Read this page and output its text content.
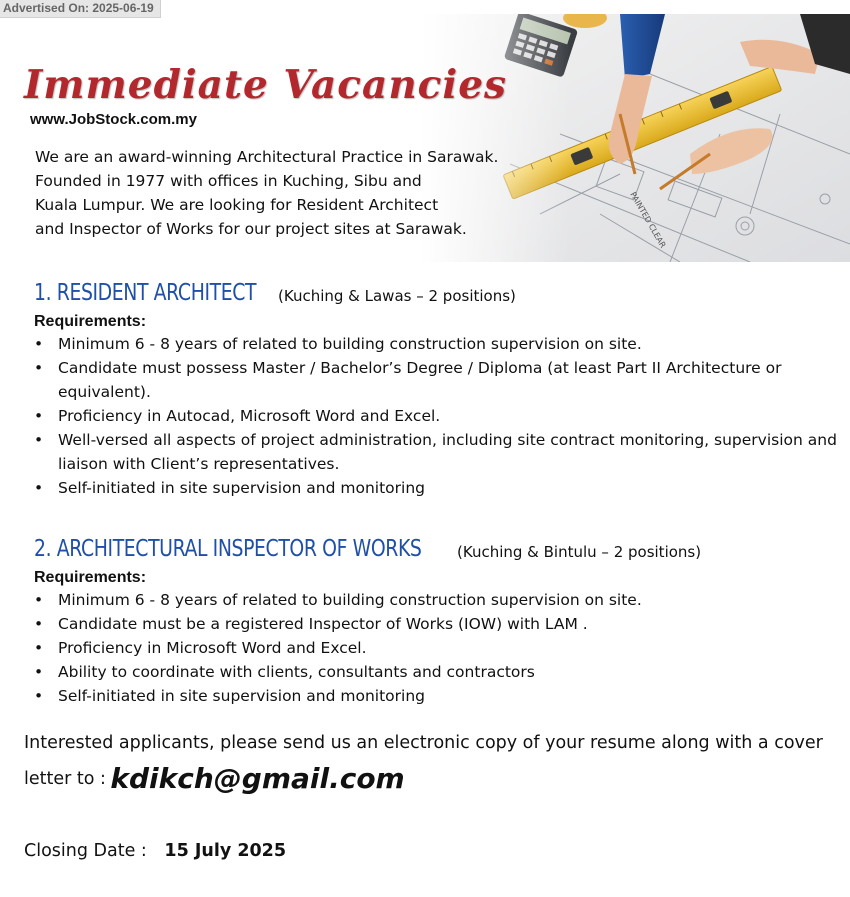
Advertised On: 2025-06-19
Immediate Vacancies
www.JobStock.com.my
We are an award-winning Architectural Practice in Sarawak.
Founded in 1977 with offices in Kuching, Sibu and
Kuala Lumpur. We are looking for Resident Architect
and Inspector of Works for our project sites at Sarawak.
1. RESIDENT ARCHITECT (Kuching & Lawas – 2 positions)
Requirements:
• Minimum 6 - 8 years of related to building construction supervision on site.
• Candidate must possess Master / Bachelor’s Degree / Diploma (at least Part II Architecture or equivalent).
• Proficiency in Autocad, Microsoft Word and Excel.
• Well-versed all aspects of project administration, including site contract monitoring, supervision and liaison with Client’s representatives.
• Self-initiated in site supervision and monitoring
2. ARCHITECTURAL INSPECTOR OF WORKS (Kuching & Bintulu – 2 positions)
Requirements:
• Minimum 6 - 8 years of related to building construction supervision on site.
• Candidate must be a registered Inspector of Works (IOW) with LAM .
• Proficiency in Microsoft Word and Excel.
• Ability to coordinate with clients, consultants and contractors
• Self-initiated in site supervision and monitoring
Interested applicants, please send us an electronic copy of your resume along with a cover
letter to : kdikch@gmail.com
Closing Date : 15 July 2025
